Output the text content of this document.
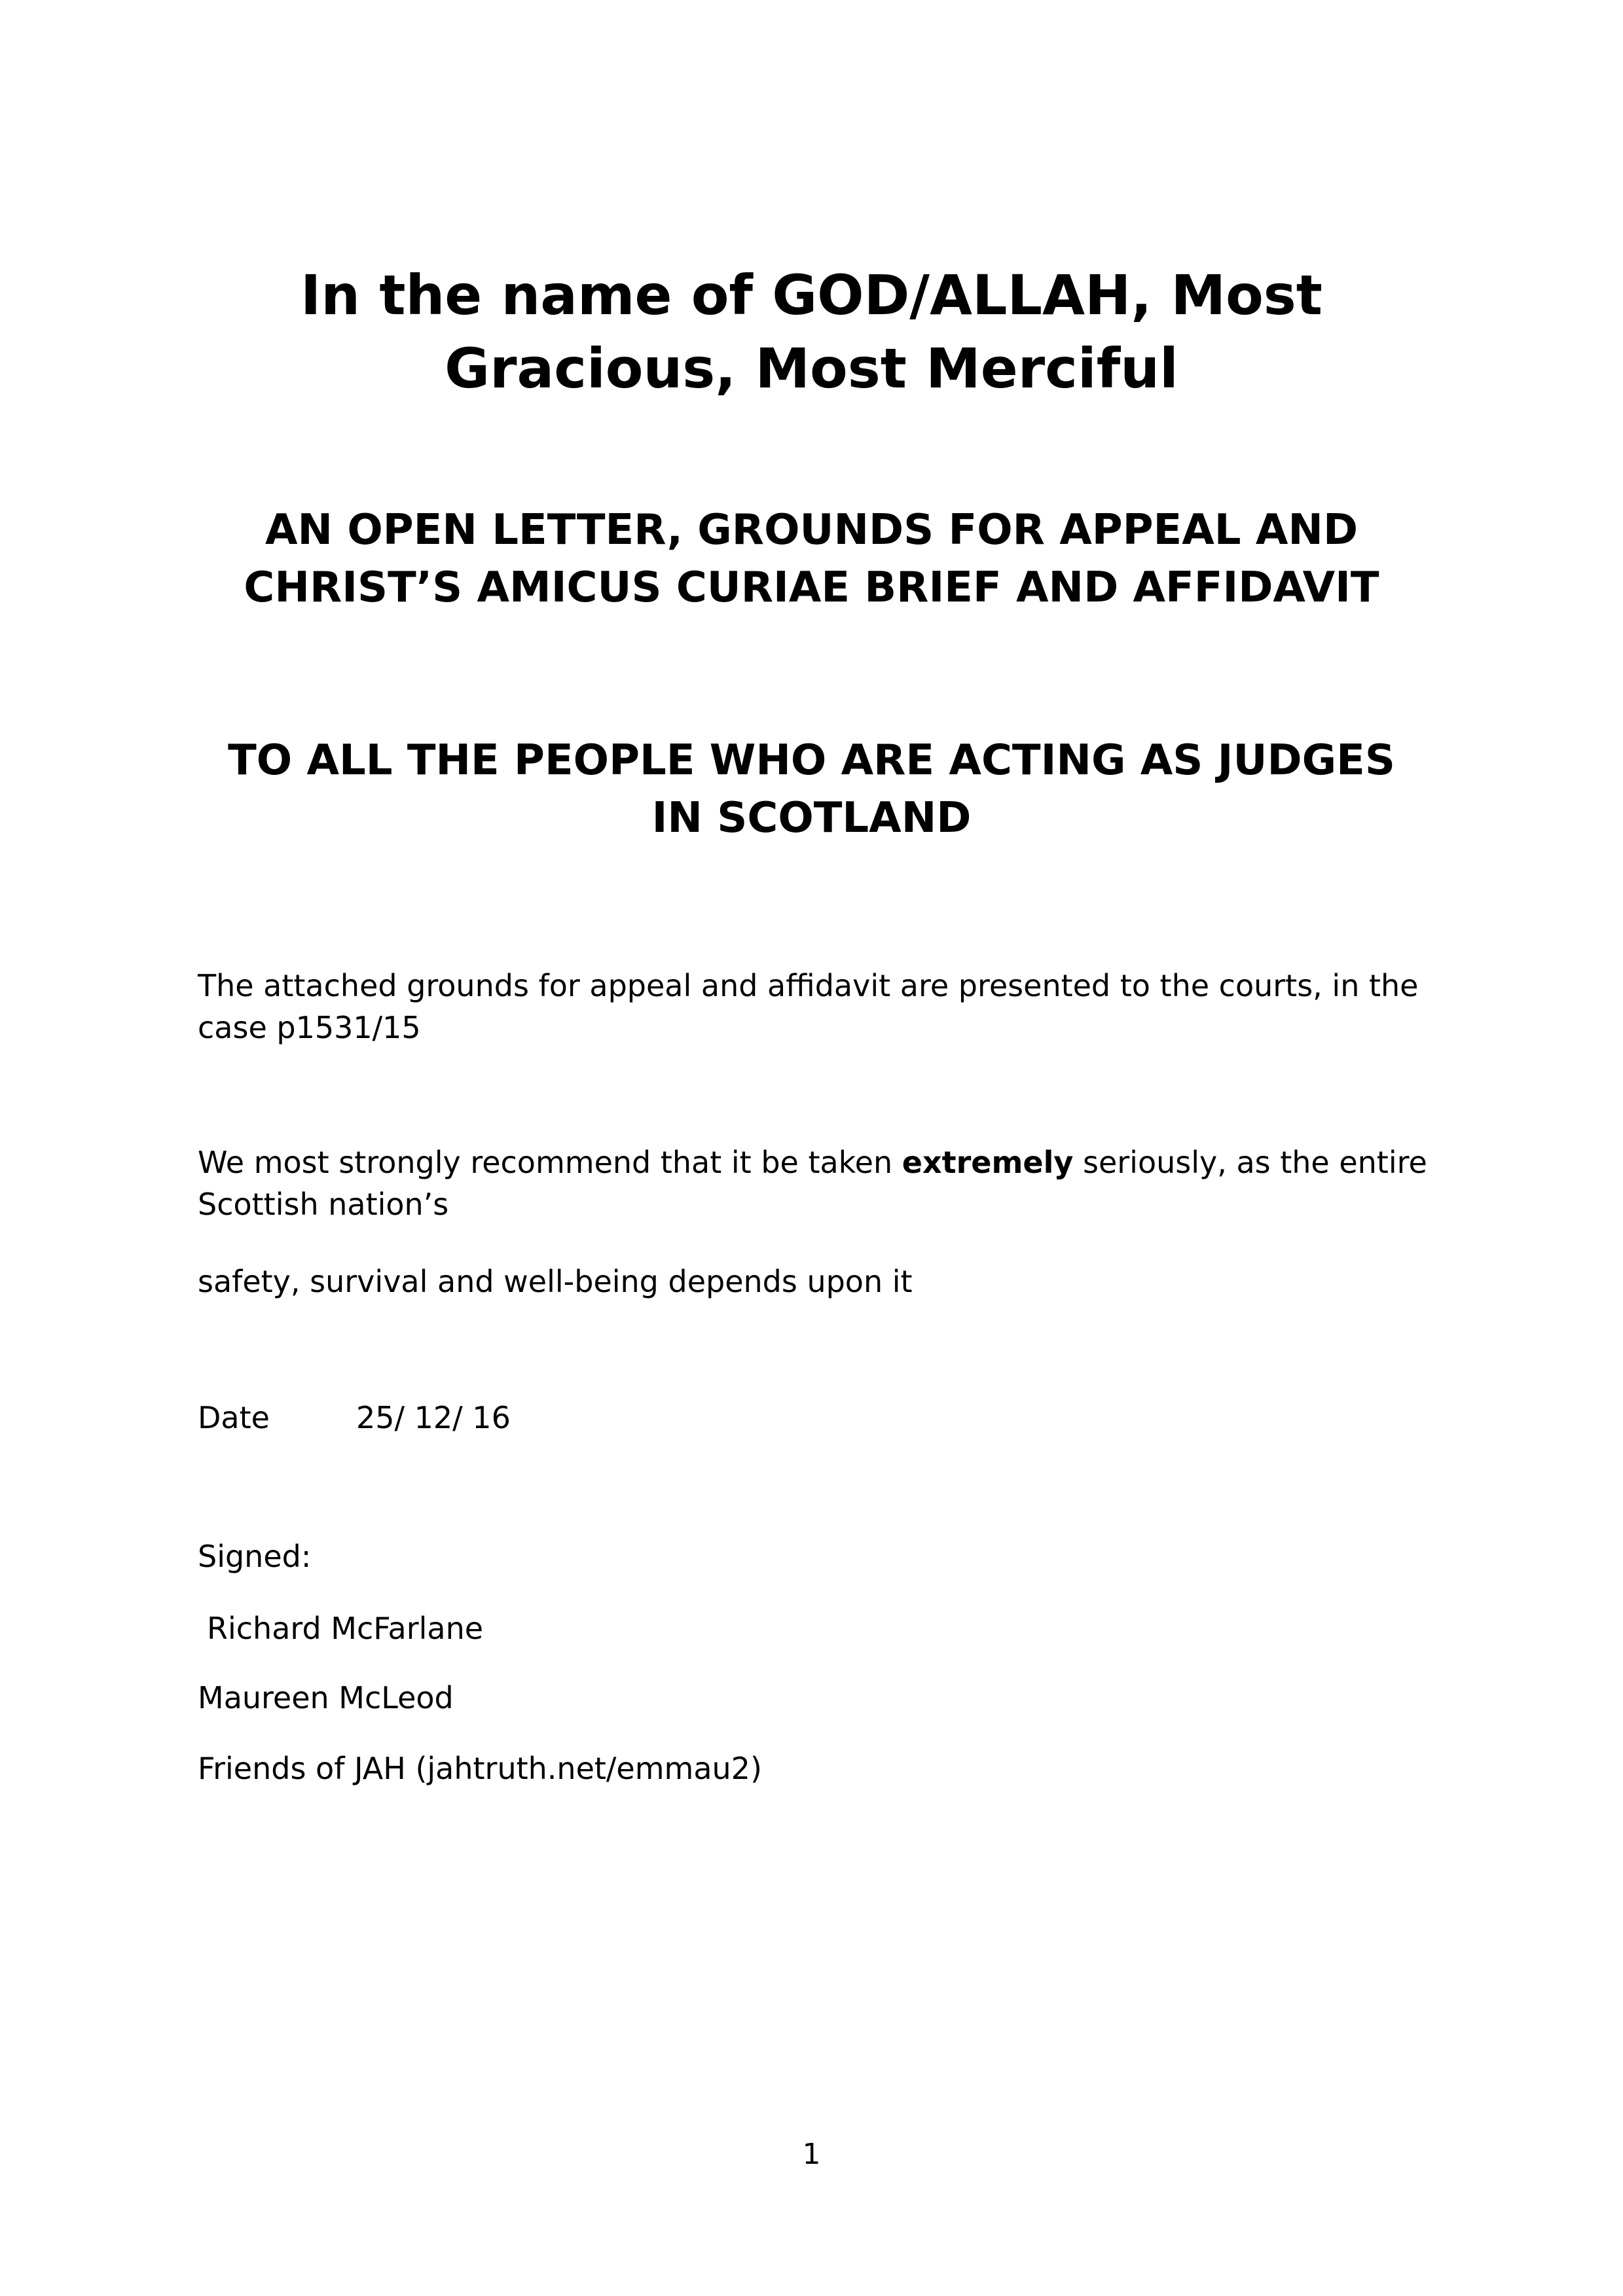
In the name of GOD/ALLAH, Most
Gracious, Most Merciful
AN OPEN LETTER, GROUNDS FOR APPEAL AND
CHRIST’S AMICUS CURIAE BRIEF AND AFFIDAVIT
TO ALL THE PEOPLE WHO ARE ACTING AS JUDGES
IN SCOTLAND
The attached grounds for appeal and affidavit are presented to the courts, in the
case p1531/15
We most strongly recommend that it be taken extremely seriously, as the entire
Scottish nation’s
safety, survival and well-being depends upon it
Date	25/ 12/ 16
Signed:
Richard McFarlane
Maureen McLeod
Friends of JAH (jahtruth.net/emmau2)
1
